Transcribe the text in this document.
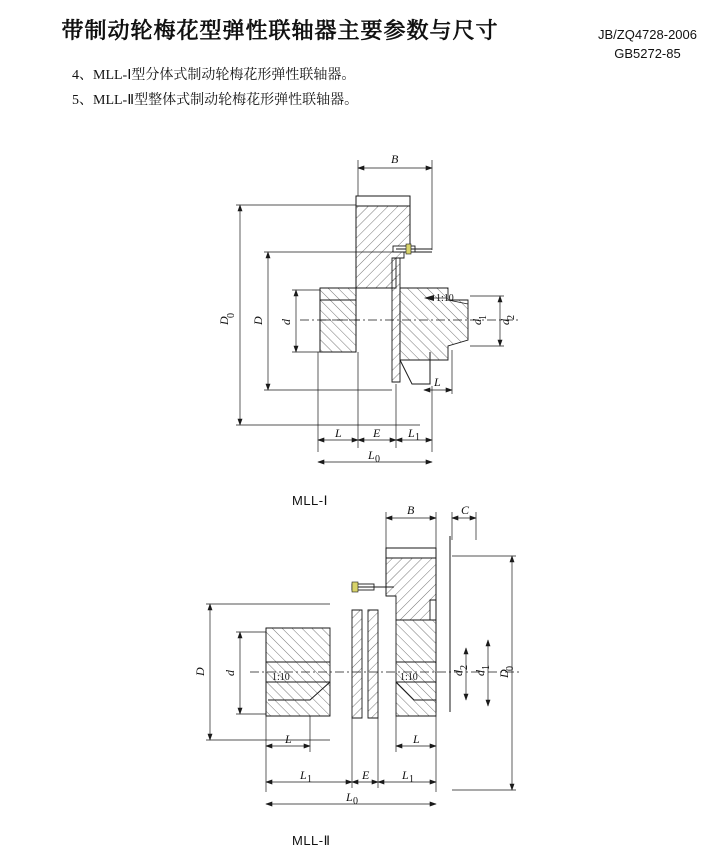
带制动轮梅花型弹性联轴器主要参数与尺寸	JB/ZQ4728-2006
GB5272-85
4、MLL-Ⅰ型分体式制动轮梅花形弹性联轴器。
5、MLL-Ⅱ型整体式制动轮梅花形弹性联轴器。
MLL-Ⅰ
MLL-Ⅱ
1:10
B
D
0
D d	d
1
d
2
L
L	E L 1
L 0
1:10	1:10
B	C
D d	d
2
d
1
D
0
L	L
L 1	E	L 1
L 0
